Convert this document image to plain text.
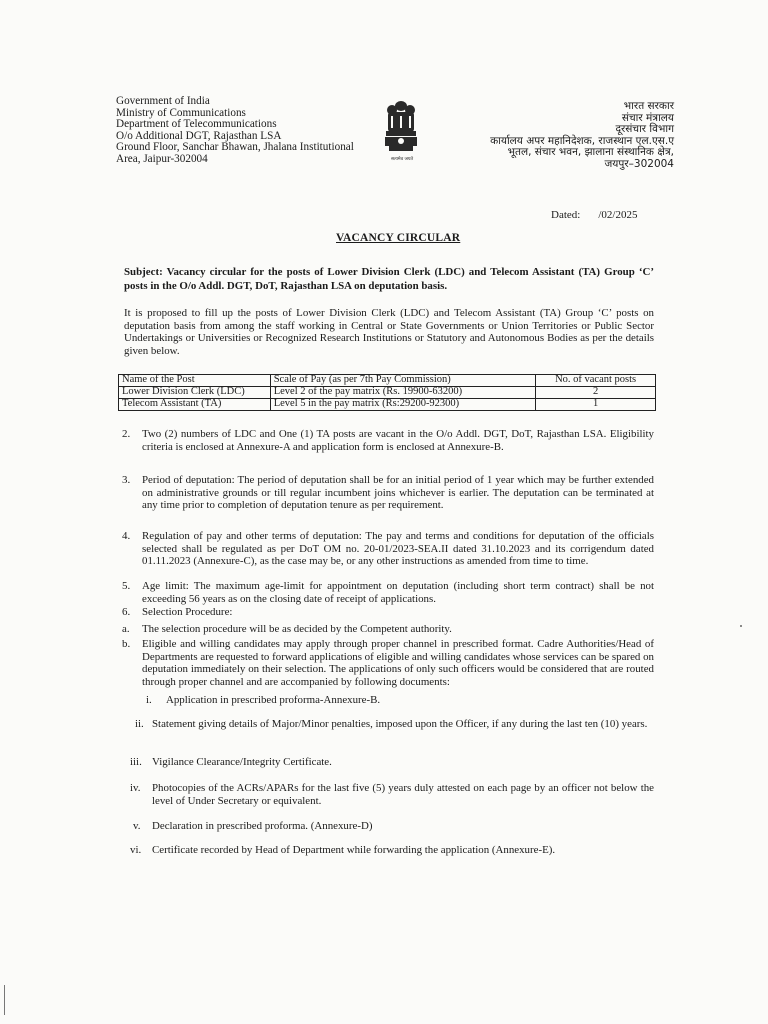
Government of India
Ministry of Communications
Department of Telecommunications
O/o Additional DGT, Rajasthan LSA
Ground Floor, Sanchar Bhawan, Jhalana Institutional
Area, Jaipur-302004	सत्यमेव जयते
भारत सरकार
संचार मंत्रालय
दूरसंचार विभाग
कार्यालय अपर महानिदेशक, राजस्थान एल.एस.ए
भूतल, संचार भवन, झालाना संस्थानिक क्षेत्र,
जयपुर–302004
Dated: /02/2025
VACANCY CIRCULAR
Subject: Vacancy circular for the posts of Lower Division Clerk (LDC) and Telecom Assistant (TA) Group ‘C’ posts in the O/o Addl. DGT, DoT, Rajasthan LSA on deputation basis.
It is proposed to fill up the posts of Lower Division Clerk (LDC) and Telecom Assistant (TA) Group ‘C’ posts on deputation basis from among the staff working in Central or State Governments or Union Territories or Public Sector Undertakings or Universities or Recognized Research Institutions or Statutory and Autonomous Bodies as per the details given below.
Name of the Post	Scale of Pay (as per 7th Pay Commission)	No. of vacant posts
Lower Division Clerk (LDC)	Level 2 of the pay matrix (Rs. 19900-63200)	2
Telecom Assistant (TA)	Level 5 in the pay matrix (Rs:29200-92300)	1
2. Two (2) numbers of LDC and One (1) TA posts are vacant in the O/o Addl. DGT, DoT, Rajasthan LSA. Eligibility criteria is enclosed at Annexure-A and application form is enclosed at Annexure-B.
3. Period of deputation: The period of deputation shall be for an initial period of 1 year which may be further extended on administrative grounds or till regular incumbent joins whichever is earlier. The deputation can be terminated at any time prior to completion of deputation tenure as per requirement.
4. Regulation of pay and other terms of deputation: The pay and terms and conditions for deputation of the officials selected shall be regulated as per DoT OM no. 20-01/2023-SEA.II dated 31.10.2023 and its corrigendum dated 01.11.2023 (Annexure-C), as the case may be, or any other instructions as amended from time to time.
5. Age limit: The maximum age-limit for appointment on deputation (including short term contract) shall be not exceeding 56 years as on the closing date of receipt of applications.
6. Selection Procedure:
a. The selection procedure will be as decided by the Competent authority.
b. Eligible and willing candidates may apply through proper channel in prescribed format. Cadre Authorities/Head of Departments are requested to forward applications of eligible and willing candidates whose services can be spared on deputation immediately on their selection. The applications of only such officers would be considered that are routed through proper channel and are accompanied by following documents:
i. Application in prescribed proforma-Annexure-B.
ii. Statement giving details of Major/Minor penalties, imposed upon the Officer, if any during the last ten (10) years.
iii. Vigilance Clearance/Integrity Certificate.
iv. Photocopies of the ACRs/APARs for the last five (5) years duly attested on each page by an officer not below the level of Under Secretary or equivalent.
v. Declaration in prescribed proforma. (Annexure-D)
vi. Certificate recorded by Head of Department while forwarding the application (Annexure-E).
